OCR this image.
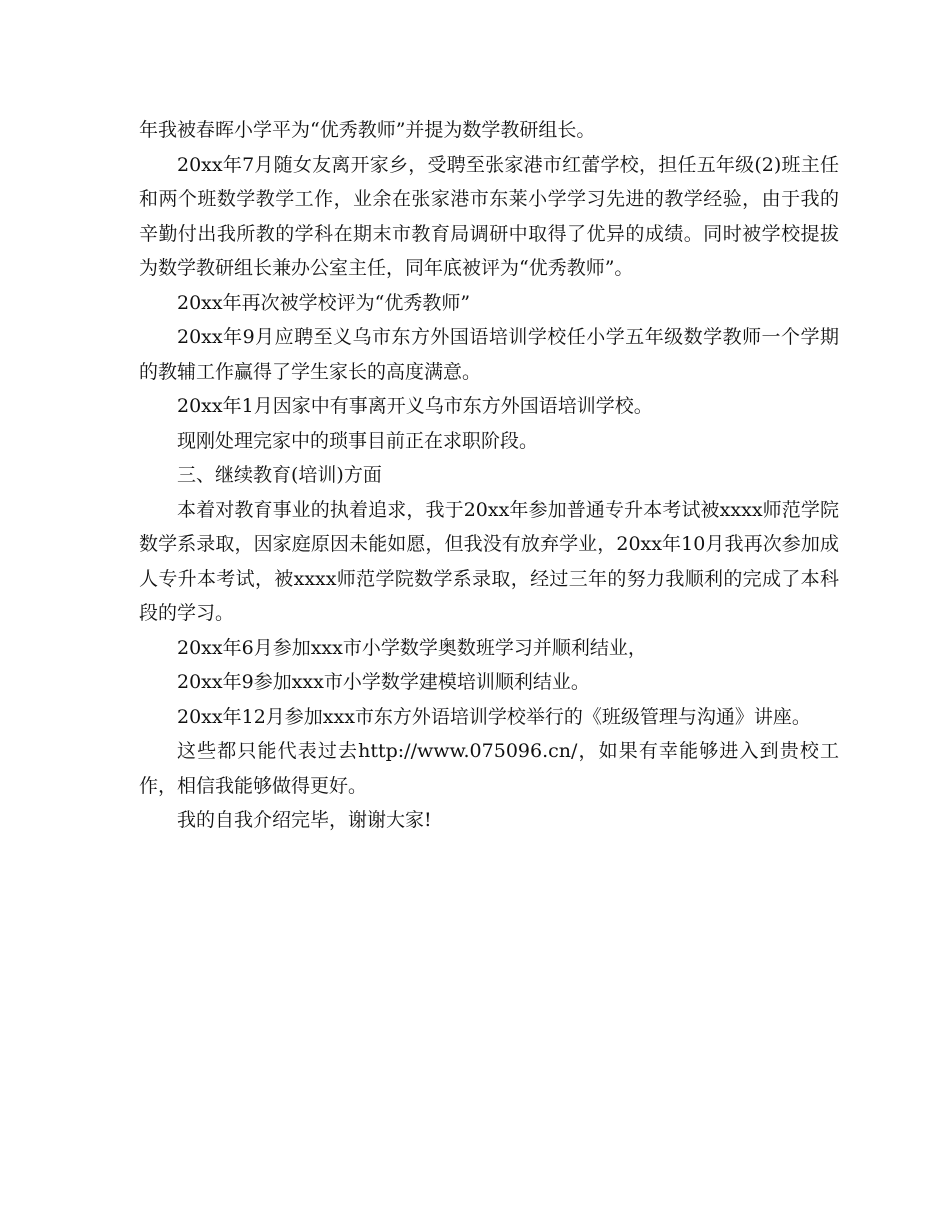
年我被春晖小学平为“优秀教师”并提为数学教研组长。

20xx年7月随女友离开家乡，受聘至张家港市红蕾学校，担任五年级(2)班主任和两个班数学教学工作，业余在张家港市东莱小学学习先进的教学经验，由于我的辛勤付出我所教的学科在期末市教育局调研中取得了优异的成绩。同时被学校提拔为数学教研组长兼办公室主任，同年底被评为“优秀教师”。

20xx年再次被学校评为“优秀教师”

20xx年9月应聘至义乌市东方外国语培训学校任小学五年级数学教师一个学期的教辅工作赢得了学生家长的高度满意。

20xx年1月因家中有事离开义乌市东方外国语培训学校。

现刚处理完家中的琐事目前正在求职阶段。

三、继续教育(培训)方面

本着对教育事业的执着追求，我于20xx年参加普通专升本考试被xxxx师范学院数学系录取，因家庭原因未能如愿，但我没有放弃学业，20xx年10月我再次参加成人专升本考试，被xxxx师范学院数学系录取，经过三年的努力我顺利的完成了本科段的学习。

20xx年6月参加xxx市小学数学奥数班学习并顺利结业，

20xx年9参加xxx市小学数学建模培训顺利结业。

20xx年12月参加xxx市东方外语培训学校举行的《班级管理与沟通》讲座。

这些都只能代表过去http://www.075096.cn/，如果有幸能够进入到贵校工作，相信我能够做得更好。

我的自我介绍完毕，谢谢大家!
